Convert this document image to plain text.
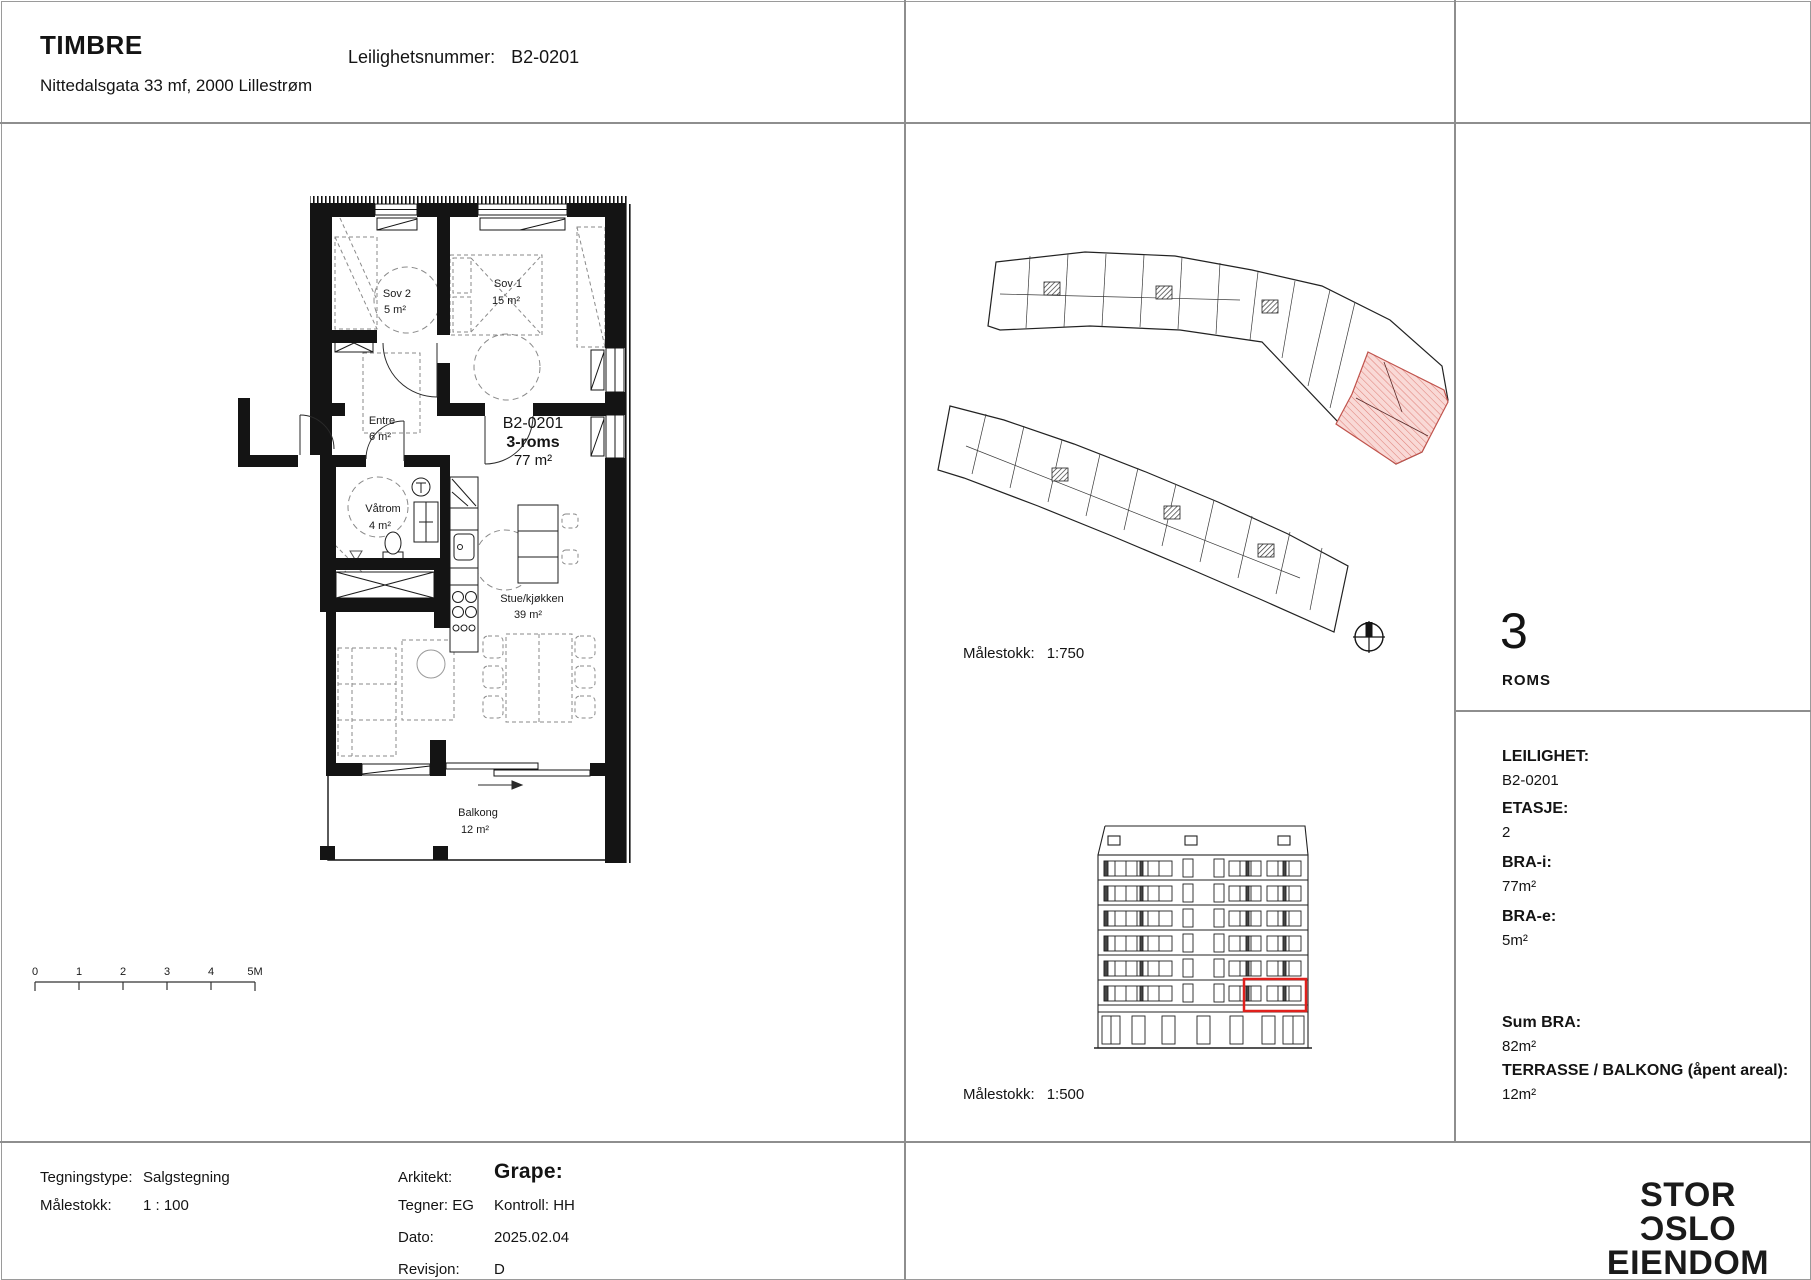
TIMBRE
Nittedalsgata 33 mf, 2000 Lillestrøm
Leilighetsnummer: B2-0201
Sov 2
5 m²
Sov 1
15 m²
Entre
6 m²
Våtrom
4 m²
Stue/kjøkken
39 m²
Balkong
12 m²
B2-0201
3-roms
77 m²
0	1	2	3	4	5M
Målestokk: 1:750
Målestokk: 1:500
3
ROMS
LEILIGHET:
B2-0201
ETASJE:
2
BRA-i:
77m²
BRA-e:
5m²
Sum BRA:
82m²
TERRASSE / BALKONG (åpent areal):
12m²
Tegningstype: Salgstegning
Målestokk: 1 : 100
Arkitekt: Grape:
Tegner: EG Kontroll: HH
Dato:	2025.02.04
Revisjon: D
STOR ƆSLO
EIENDOM
